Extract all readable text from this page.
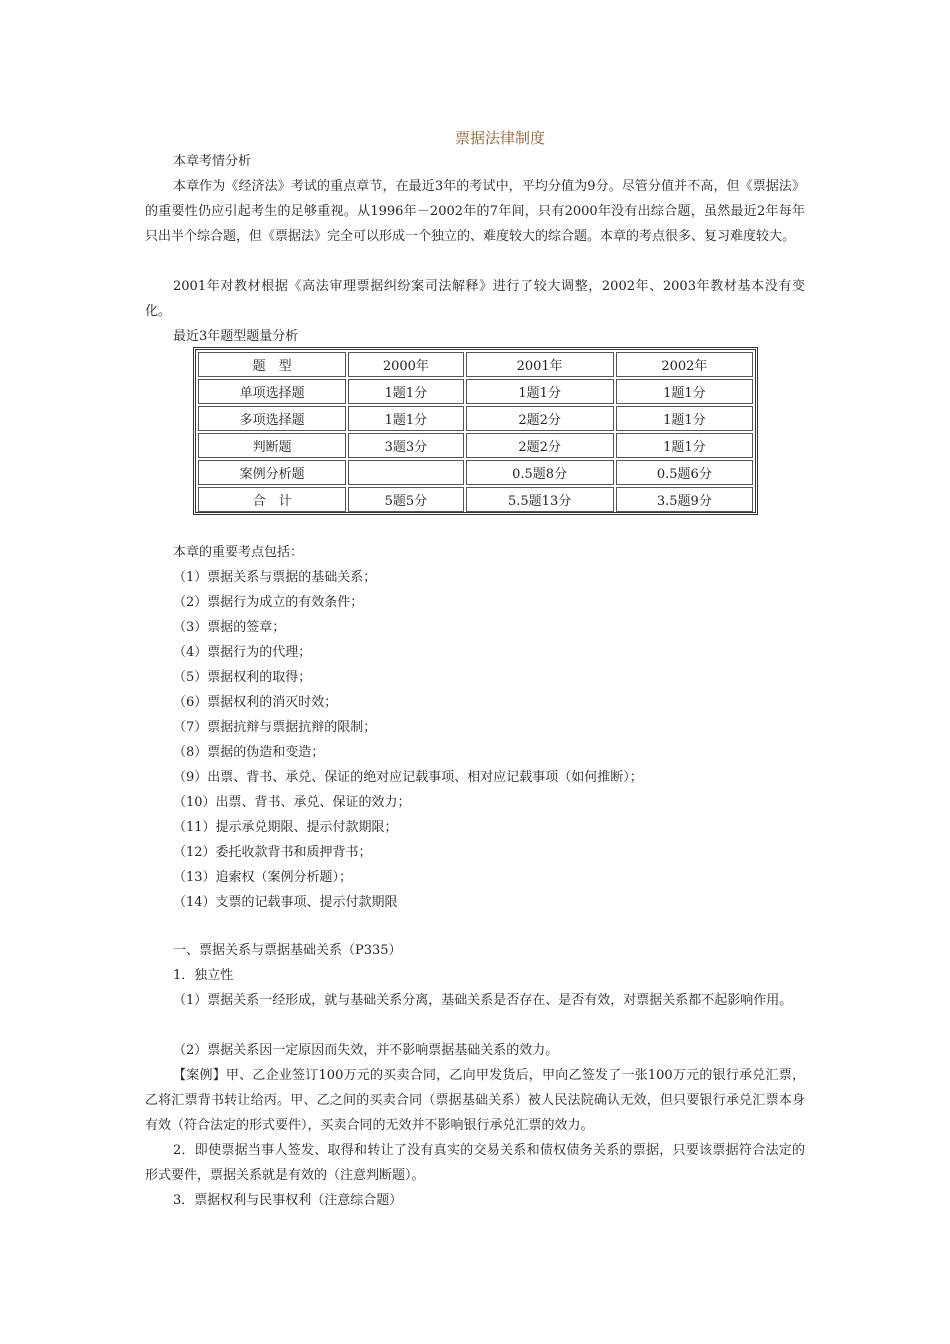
票据法律制度
本章考情分析
本章作为《经济法》考试的重点章节，在最近3年的考试中，平均分值为9分。尽管分值并不高，但《票据法》的重要性仍应引起考生的足够重视。从1996年－2002年的7年间，只有2000年没有出综合题，虽然最近2年每年只出半个综合题，但《票据法》完全可以形成一个独立的、难度较大的综合题。本章的考点很多、复习难度较大。
2001年对教材根据《高法审理票据纠纷案司法解释》进行了较大调整，2002年、2003年教材基本没有变化。
最近3年题型题量分析
题　型	2000年	2001年	2002年
单项选择题	1题1分	1题1分	1题1分
多项选择题	1题1分	2题2分	1题1分
判断题	3题3分	2题2分	1题1分
案例分析题		0.5题8分	0.5题6分
合　计	5题5分	5.5题13分	3.5题9分
本章的重要考点包括：
（1）票据关系与票据的基础关系；
（2）票据行为成立的有效条件；
（3）票据的签章；
（4）票据行为的代理；
（5）票据权利的取得；
（6）票据权利的消灭时效；
（7）票据抗辩与票据抗辩的限制；
（8）票据的伪造和变造；
（9）出票、背书、承兑、保证的绝对应记载事项、相对应记载事项（如何推断）；
（10）出票、背书、承兑、保证的效力；
（11）提示承兑期限、提示付款期限；
（12）委托收款背书和质押背书；
（13）追索权（案例分析题）；
（14）支票的记载事项、提示付款期限
一、票据关系与票据基础关系（P335）
1．独立性
（1）票据关系一经形成，就与基础关系分离，基础关系是否存在、是否有效，对票据关系都不起影响作用。
（2）票据关系因一定原因而失效，并不影响票据基础关系的效力。
【案例】甲、乙企业签订100万元的买卖合同，乙向甲发货后，甲向乙签发了一张100万元的银行承兑汇票，乙将汇票背书转让给丙。甲、乙之间的买卖合同（票据基础关系）被人民法院确认无效，但只要银行承兑汇票本身有效（符合法定的形式要件），买卖合同的无效并不影响银行承兑汇票的效力。
2．即使票据当事人签发、取得和转让了没有真实的交易关系和债权债务关系的票据，只要该票据符合法定的形式要件，票据关系就是有效的（注意判断题）。
3．票据权利与民事权利（注意综合题）
